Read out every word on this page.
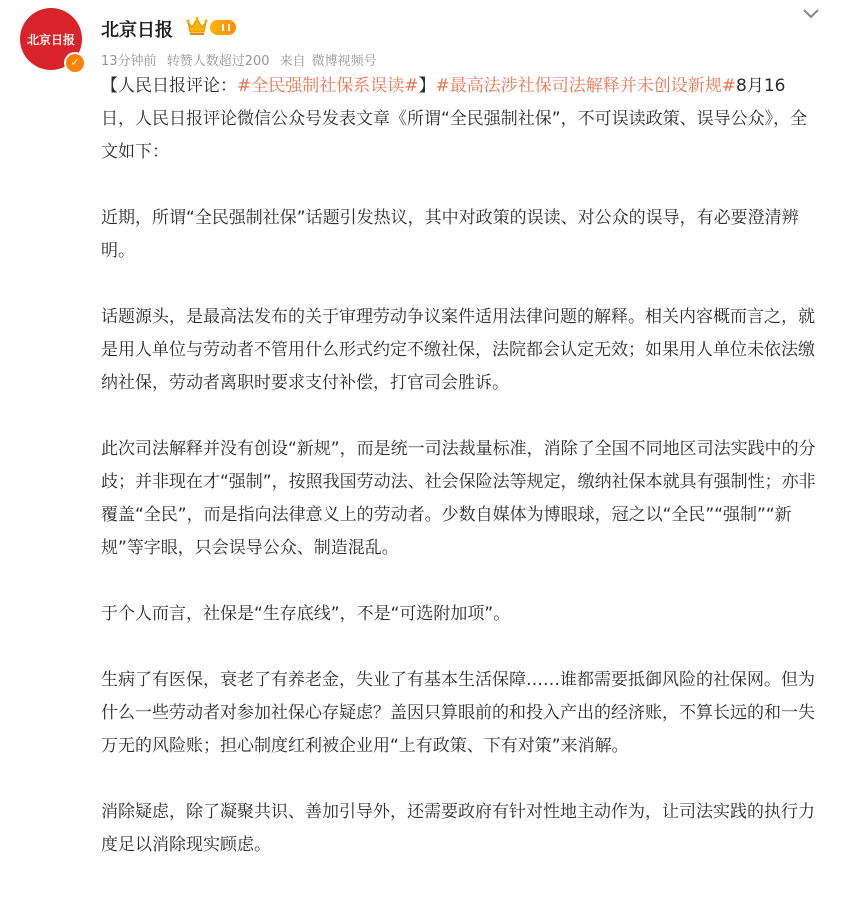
北京日报
✓
北京日报
13分钟前 转赞人数超过200 来自 微博视频号

【人民日报评论：#全民强制社保系误读#】#最高法涉社保司法解释并未创设新规#8月16日，人民日报评论微信公众号发表文章《所谓“全民强制社保”，不可误读政策、误导公众》，全文如下：

近期，所谓“全民强制社保”话题引发热议，其中对政策的误读、对公众的误导，有必要澄清辨明。

话题源头，是最高法发布的关于审理劳动争议案件适用法律问题的解释。相关内容概而言之，就是用人单位与劳动者不管用什么形式约定不缴社保，法院都会认定无效；如果用人单位未依法缴纳社保，劳动者离职时要求支付补偿，打官司会胜诉。

此次司法解释并没有创设“新规”，而是统一司法裁量标准，消除了全国不同地区司法实践中的分歧；并非现在才“强制”，按照我国劳动法、社会保险法等规定，缴纳社保本就具有强制性；亦非覆盖“全民”，而是指向法律意义上的劳动者。少数自媒体为博眼球，冠之以“全民”“强制”“新规”等字眼，只会误导公众、制造混乱。

于个人而言，社保是“生存底线”，不是“可选附加项”。

生病了有医保，衰老了有养老金，失业了有基本生活保障……谁都需要抵御风险的社保网。但为什么一些劳动者对参加社保心存疑虑？盖因只算眼前的和投入产出的经济账，不算长远的和一失万无的风险账；担心制度红利被企业用“上有政策、下有对策”来消解。

消除疑虑，除了凝聚共识、善加引导外，还需要政府有针对性地主动作为，让司法实践的执行力度足以消除现实顾虑。
